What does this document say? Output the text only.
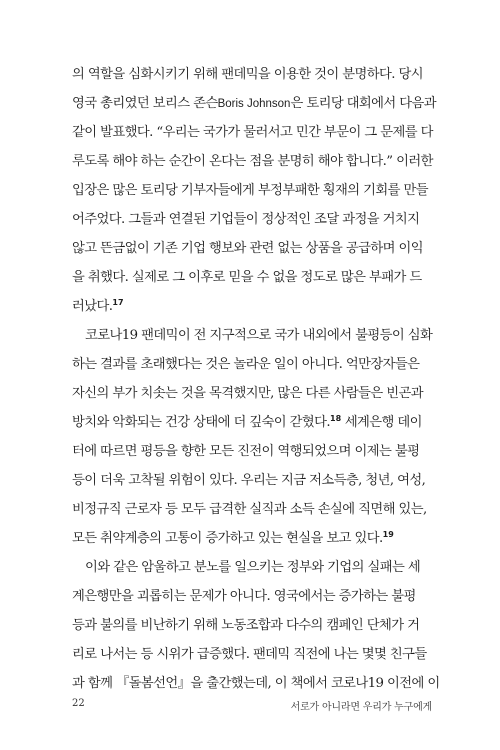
의 역할을 심화시키기 위해 팬데믹을 이용한 것이 분명하다. 당시
영국 총리였던 보리스 존슨Boris Johnson은 토리당 대회에서 다음과
같이 발표했다. “우리는 국가가 물러서고 민간 부문이 그 문제를 다
루도록 해야 하는 순간이 온다는 점을 분명히 해야 합니다.” 이러한
입장은 많은 토리당 기부자들에게 부정부패한 횡재의 기회를 만들
어주었다. 그들과 연결된 기업들이 정상적인 조달 과정을 거치지
않고 뜬금없이 기존 기업 행보와 관련 없는 상품을 공급하며 이익
을 취했다. 실제로 그 이후로 믿을 수 없을 정도로 많은 부패가 드
러났다.$^{17}$
코로나19 팬데믹이 전 지구적으로 국가 내외에서 불평등이 심화
하는 결과를 초래했다는 것은 놀라운 일이 아니다. 억만장자들은
자신의 부가 치솟는 것을 목격했지만, 많은 다른 사람들은 빈곤과
방치와 악화되는 건강 상태에 더 깊숙이 갇혔다.$^{18}$ 세계은행 데이
터에 따르면 평등을 향한 모든 진전이 역행되었으며 이제는 불평
등이 더욱 고착될 위험이 있다. 우리는 지금 저소득층, 청년, 여성,
비정규직 근로자 등 모두 급격한 실직과 소득 손실에 직면해 있는,
모든 취약계층의 고통이 증가하고 있는 현실을 보고 있다.$^{19}$
이와 같은 암울하고 분노를 일으키는 정부와 기업의 실패는 세
계은행만을 괴롭히는 문제가 아니다. 영국에서는 증가하는 불평
등과 불의를 비난하기 위해 노동조합과 다수의 캠페인 단체가 거
리로 나서는 등 시위가 급증했다. 팬데믹 직전에 나는 몇몇 친구들
과 함께 『돌봄선언』을 출간했는데, 이 책에서 코로나19 이전에 이
22	서로가 아니라면 우리가 누구에게
